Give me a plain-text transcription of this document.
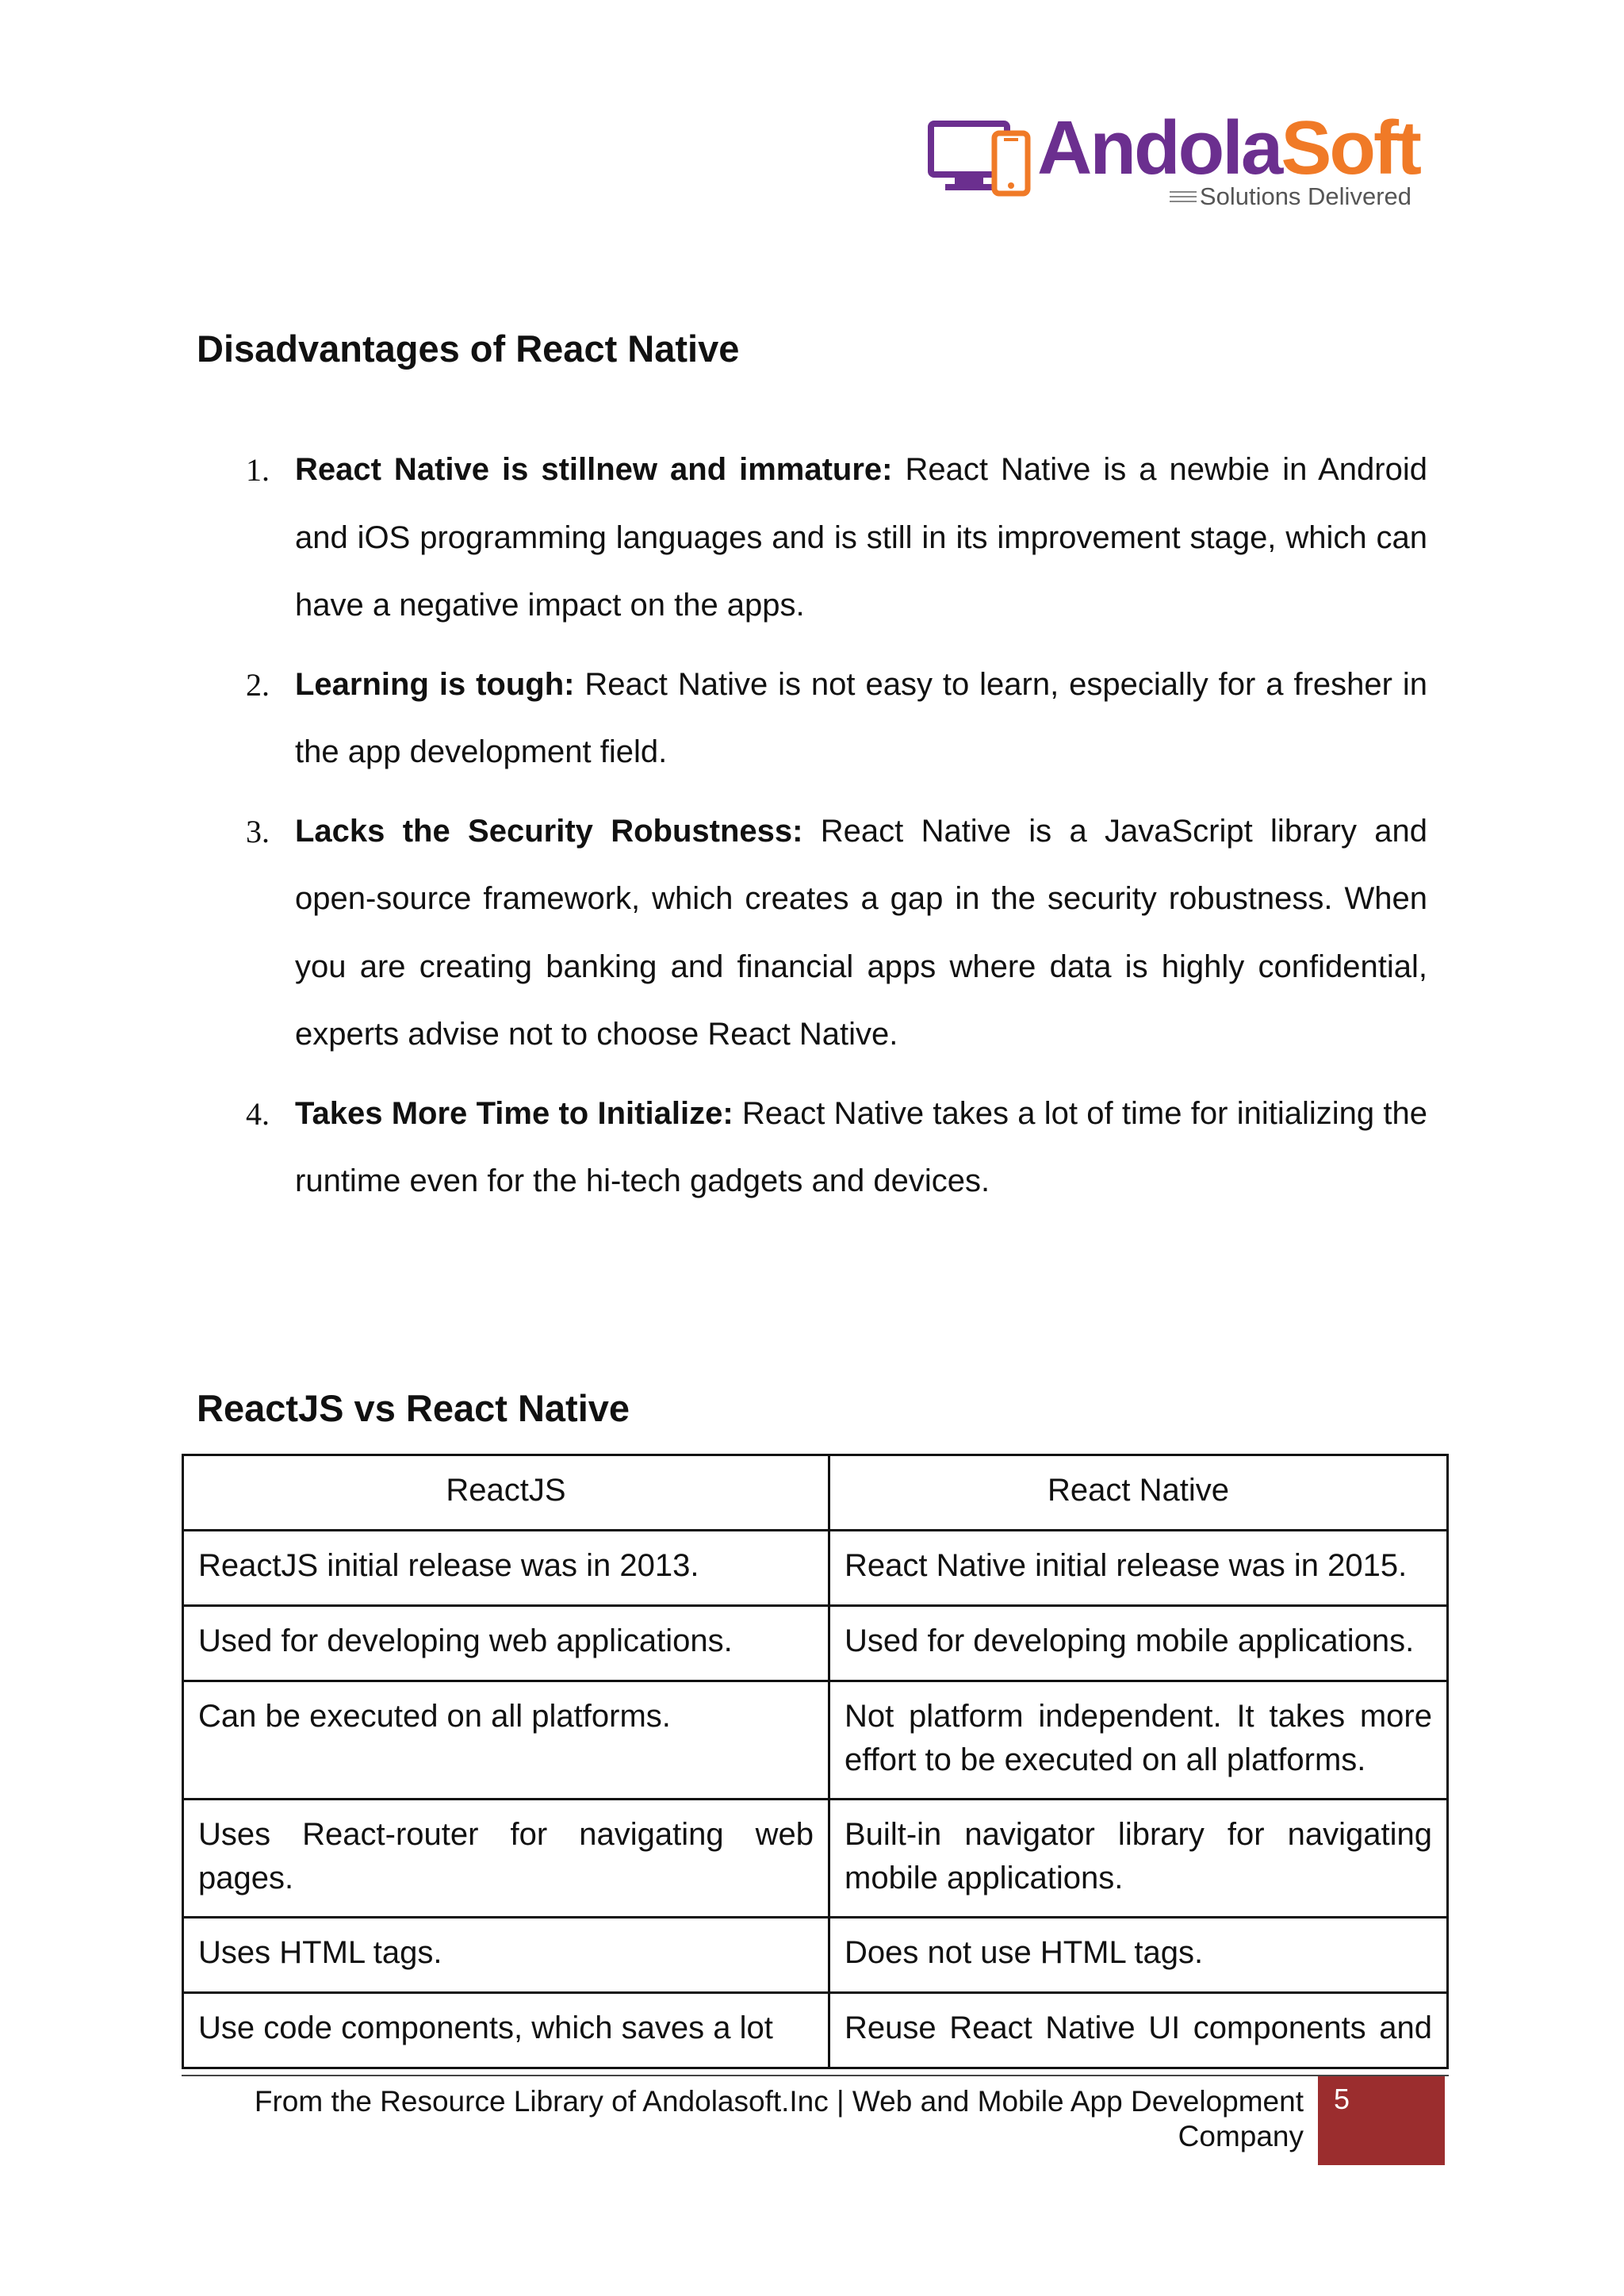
AndolaSoft
Solutions Delivered
Disadvantages of React Native
1. React Native is stillnew and immature: React Native is a newbie in Android and iOS programming languages and is still in its improvement stage, which can have a negative impact on the apps.
2. Learning is tough: React Native is not easy to learn, especially for a fresher in the app development field.
3. Lacks the Security Robustness: React Native is a JavaScript library and open-source framework, which creates a gap in the security robustness. When you are creating banking and financial apps where data is highly confidential, experts advise not to choose React Native.
4. Takes More Time to Initialize: React Native takes a lot of time for initializing the runtime even for the hi-tech gadgets and devices.
ReactJS vs React Native
ReactJS	React Native
ReactJS initial release was in 2013.	React Native initial release was in 2015.
Used for developing web applications.	Used for developing mobile applications.
Can be executed on all platforms.	Not platform independent. It takes more effort to be executed on all platforms.
Uses React-router for navigating web pages.	Built-in navigator library for navigating mobile applications.
Uses HTML tags.	Does not use HTML tags.
Use code components, which saves a lot	Reuse React Native UI components and
From the Resource Library of Andolasoft.Inc | Web and Mobile App Development Company
5
